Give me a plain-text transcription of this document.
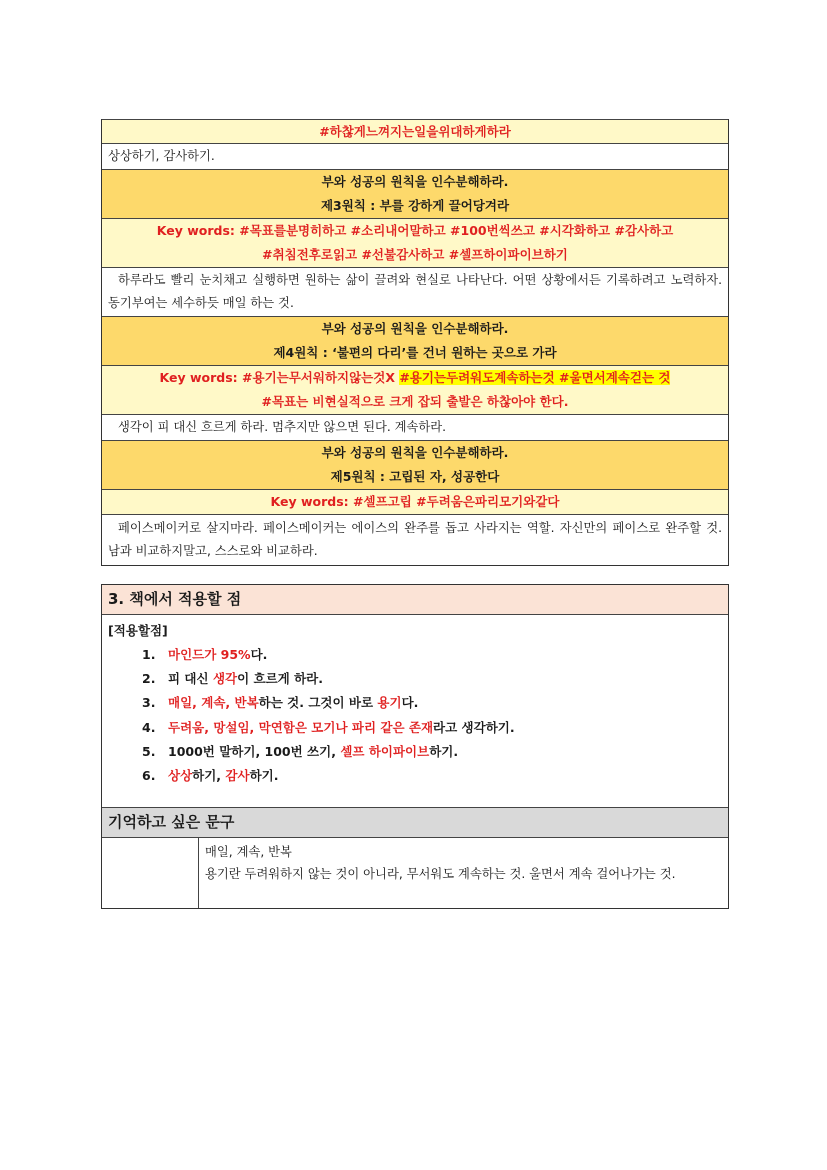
#하찮게느껴지는일을위대하게하라
상상하기, 감사하기.
부와 성공의 원칙을 인수분해하라.
제3원칙 : 부를 강하게 끌어당겨라
Key words: #목표를분명히하고 #소리내어말하고 #100번씩쓰고 #시각화하고 #감사하고
#취침전후로읽고 #선불감사하고 #셀프하이파이브하기
하루라도 빨리 눈치채고 실행하면 원하는 삶이 끌려와 현실로 나타난다. 어떤 상황에서든 기록하려고 노력하자. 동기부여는 세수하듯 매일 하는 것.
부와 성공의 원칙을 인수분해하라.
제4원칙 : ‘불편의 다리’를 건너 원하는 곳으로 가라
Key words: #용기는무서워하지않는것X #용기는두려워도계속하는것 #울면서계속걷는 것
#목표는 비현실적으로 크게 잡되 출발은 하찮아야 한다.
생각이 피 대신 흐르게 하라. 멈추지만 않으면 된다. 계속하라.
부와 성공의 원칙을 인수분해하라.
제5원칙 : 고립된 자, 성공한다
Key words: #셀프고립 #두려움은파리모기와같다
페이스메이커로 살지마라. 페이스메이커는 에이스의 완주를 돕고 사라지는 역할. 자신만의 페이스로 완주할 것. 남과 비교하지말고, 스스로와 비교하라.
3. 책에서 적용할 점
[적용할점]
1. 마인드가 95%다.
2. 피 대신 생각이 흐르게 하라.
3. 매일, 계속, 반복하는 것. 그것이 바로 용기다.
4. 두려움, 망설임, 막연함은 모기나 파리 같은 존재라고 생각하기.
5. 1000번 말하기, 100번 쓰기, 셀프 하이파이브하기.
6. 상상하기, 감사하기.
기억하고 싶은 문구
매일, 계속, 반복
용기란 두려워하지 않는 것이 아니라, 무서워도 계속하는 것. 울면서 계속 걸어나가는 것.
